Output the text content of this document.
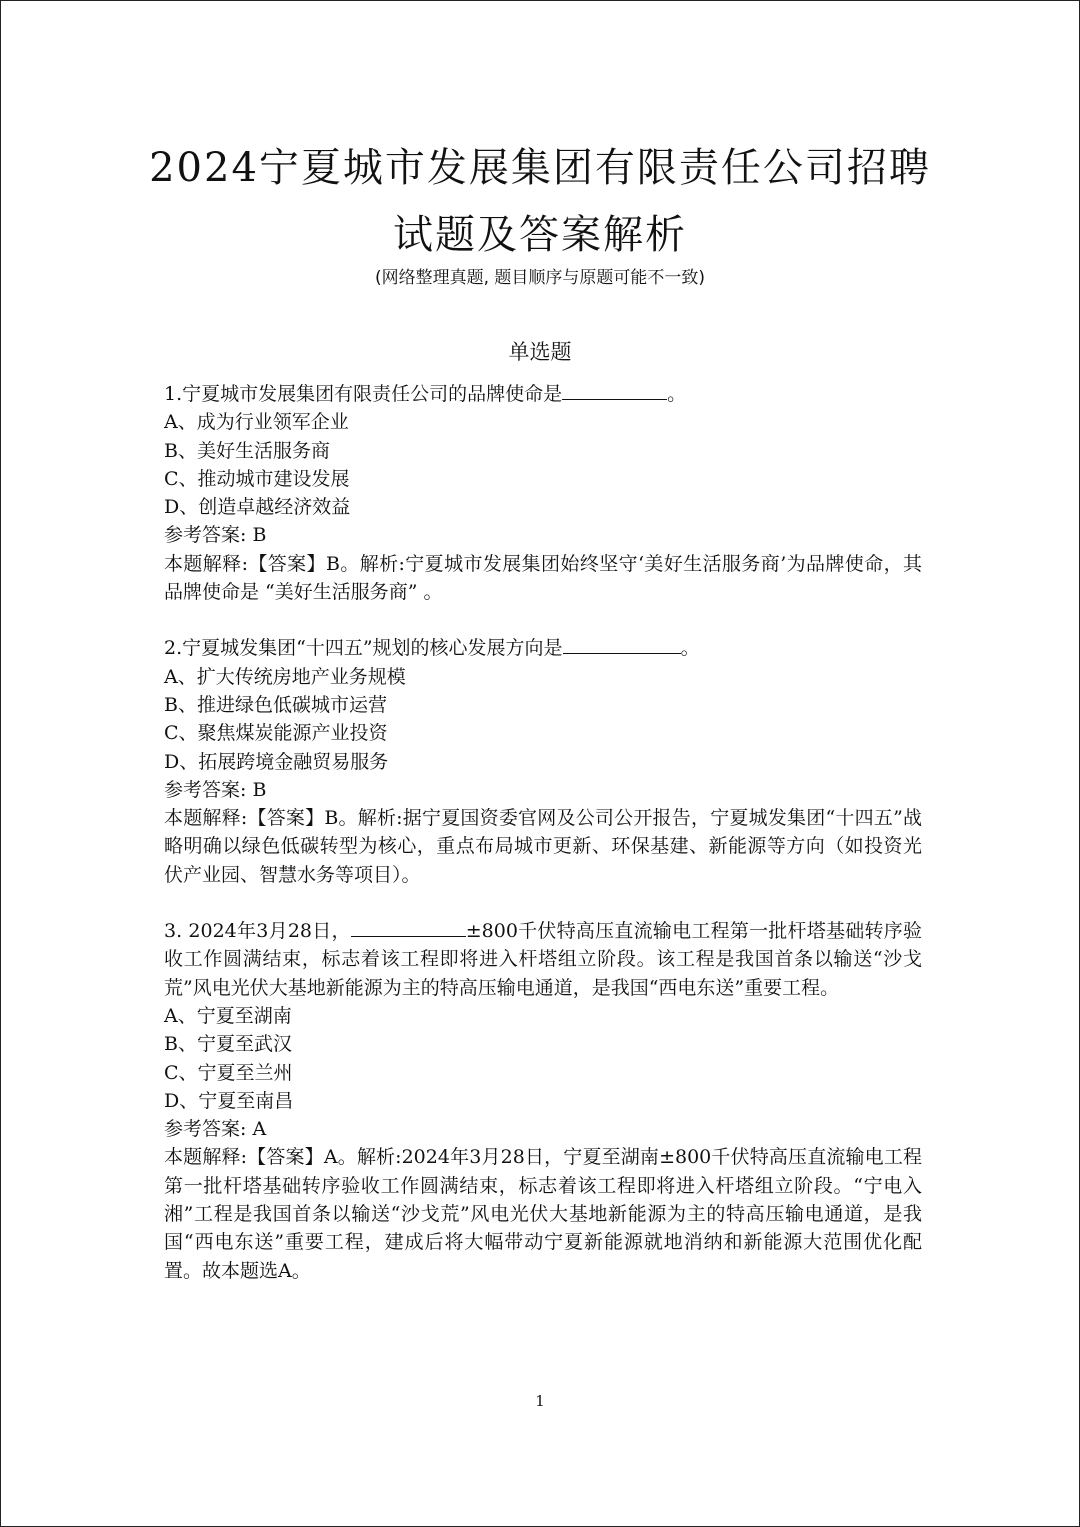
2024宁夏城市发展集团有限责任公司招聘
试题及答案解析
(网络整理真题, 题目顺序与原题可能不一致)
单选题

1.宁夏城市发展集团有限责任公司的品牌使命是	。

A、成为行业领军企业

B、美好生活服务商

C、推动城市建设发展

D、创造卓越经济效益

参考答案: B

本题解释:【答案】B。解析:宁夏城市发展集团始终坚守‘美好生活服务商’为品牌使命，其品牌使命是 “美好生活服务商” 。

2.宁夏城发集团“十四五”规划的核心发展方向是	。

A、扩大传统房地产业务规模

B、推进绿色低碳城市运营

C、聚焦煤炭能源产业投资

D、拓展跨境金融贸易服务

参考答案: B

本题解释:【答案】B。解析:据宁夏国资委官网及公司公开报告，宁夏城发集团“十四五”战略明确以绿色低碳转型为核心，重点布局城市更新、环保基建、新能源等方向（如投资光伏产业园、智慧水务等项目）。

3. 2024年3月28日，	±800千伏特高压直流输电工程第一批杆塔基础转序验收工作圆满结束，标志着该工程即将进入杆塔组立阶段。该工程是我国首条以输送“沙戈荒”风电光伏大基地新能源为主的特高压输电通道，是我国“西电东送”重要工程。

A、宁夏至湖南

B、宁夏至武汉

C、宁夏至兰州

D、宁夏至南昌

参考答案: A

本题解释:【答案】A。解析:2024年3月28日，宁夏至湖南±800千伏特高压直流输电工程第一批杆塔基础转序验收工作圆满结束，标志着该工程即将进入杆塔组立阶段。“宁电入湘”工程是我国首条以输送“沙戈荒”风电光伏大基地新能源为主的特高压输电通道，是我国“西电东送”重要工程，建成后将大幅带动宁夏新能源就地消纳和新能源大范围优化配置。故本题选A。

1
